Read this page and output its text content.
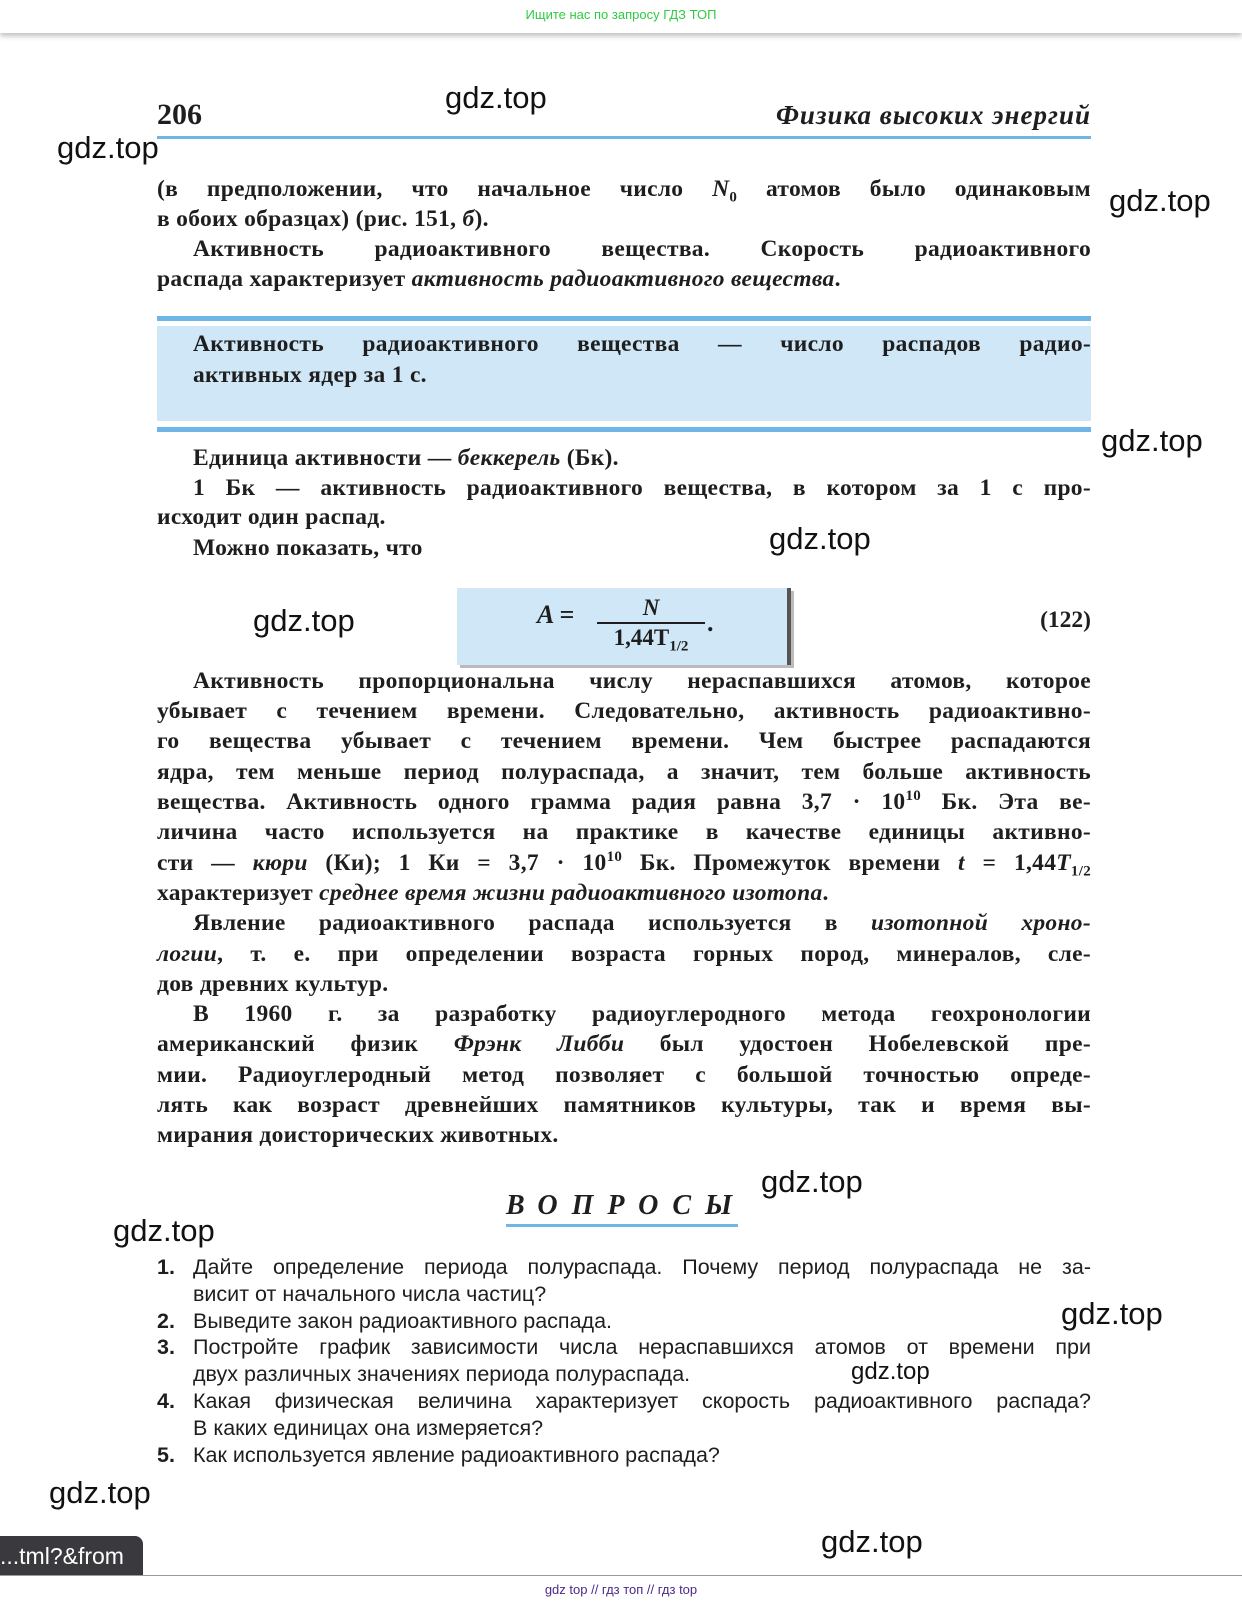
Ищите нас по запросу ГДЗ ТОП
206	Физика высоких энергий
(в предположении, что начальное число $N_0$ атомов было одинаковым
в обоих образцах) (рис. 151, б).
Активность радиоактивного вещества. Скорость радиоактивного
распада характеризует активность радиоактивного вещества.
Активность радиоактивного вещества — число распадов радио-
активных ядер за 1 с.
Единица активности — беккерель (Бк).
1 Бк — активность радиоактивного вещества, в котором за 1 с про-
исходит один распад.
Можно показать, что
Активность пропорциональна числу нераспавшихся атомов, которое
убывает с течением времени. Следовательно, активность радиоактивно-
го вещества убывает с течением времени. Чем быстрее распадаются
ядра, тем меньше период полураспада, а значит, тем больше активность
вещества. Активность одного грамма радия равна $3,7 \cdot 10^{10}$ Бк. Эта ве-
личина часто используется на практике в качестве единицы активно-
сти — кюри (Ки); 1 Ки = $3,7 \cdot 10^{10}$ Бк. Промежуток времени $t = 1,44T_{1/2}$
характеризует среднее время жизни радиоактивного изотопа.
Явление радиоактивного распада используется в изотопной хроно-
логии, т. е. при определении возраста горных пород, минералов, сле-
дов древних культур.
В 1960 г. за разработку радиоуглеродного метода геохронологии
американский физик Фрэнк Либби был удостоен Нобелевской пре-
мии. Радиоуглеродный метод позволяет с большой точностью опреде-
лять как возраст древнейших памятников культуры, так и время вы-
мирания доисторических животных.
A =	N
$1,44T_{1/2}$
.	(122)
ВОПРОСЫ
1. Дайте определение периода полураспада. Почему период полураспада не за-
висит от начального числа частиц?
2. Выведите закон радиоактивного распада.
3. Постройте график зависимости числа нераспавшихся атомов от времени при
двух различных значениях периода полураспада.
4. Какая физическая величина характеризует скорость радиоактивного распада?
В каких единицах она измеряется?
5. Как используется явление радиоактивного распада?
gdz.top
gdz.top
gdz.top
gdz.top
gdz.top
gdz.top
gdz.top
gdz.top
gdz.top
gdz.top
gdz.top
gdz.top
tml?&from...
gdz top // гдз топ // гдз top
